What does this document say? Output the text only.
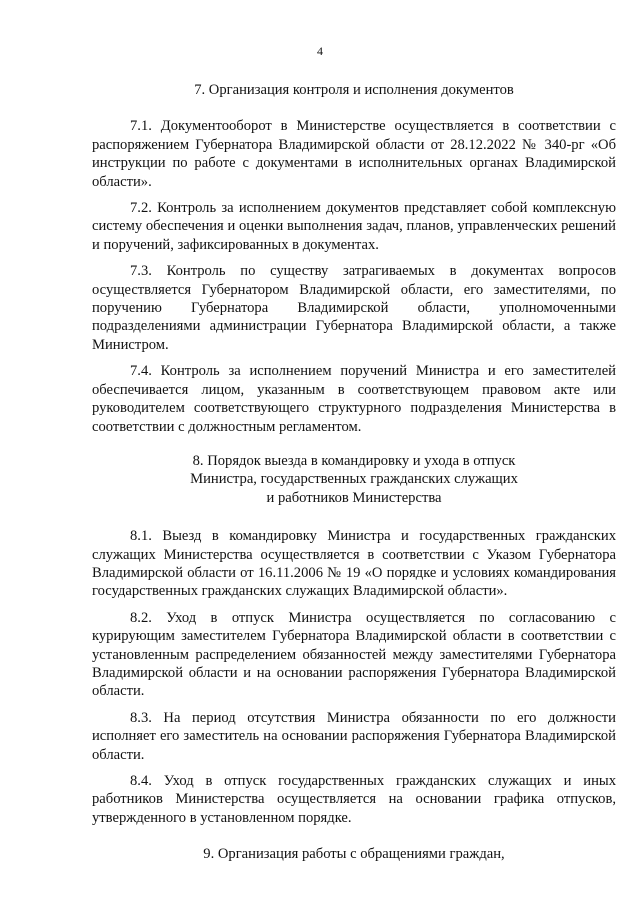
4

7. Организация контроля и исполнения документов

7.1. Документооборот в Министерстве осуществляется в соответствии с распоряжением Губернатора Владимирской области от 28.12.2022 № 340-рг «Об инструкции по работе с документами в исполнительных органах Владимирской области».

7.2. Контроль за исполнением документов представляет собой комплексную систему обеспечения и оценки выполнения задач, планов, управленческих решений и поручений, зафиксированных в документах.

7.3. Контроль по существу затрагиваемых в документах вопросов осуществляется Губернатором Владимирской области, его заместителями, по поручению Губернатора Владимирской области, уполномоченными подразделениями администрации Губернатора Владимирской области, а также Министром.

7.4. Контроль за исполнением поручений Министра и его заместителей обеспечивается лицом, указанным в соответствующем правовом акте или руководителем соответствующего структурного подразделения Министерства в соответствии с должностным регламентом.

8. Порядок выезда в командировку и ухода в отпуск
Министра, государственных гражданских служащих
и работников Министерства

8.1. Выезд в командировку Министра и государственных гражданских служащих Министерства осуществляется в соответствии с Указом Губернатора Владимирской области от 16.11.2006 № 19 «О порядке и условиях командирования государственных гражданских служащих Владимирской области».

8.2. Уход в отпуск Министра осуществляется по согласованию с курирующим заместителем Губернатора Владимирской области в соответствии с установленным распределением обязанностей между заместителями Губернатора Владимирской области и на основании распоряжения Губернатора Владимирской области.

8.3. На период отсутствия Министра обязанности по его должности исполняет его заместитель на основании распоряжения Губернатора Владимирской области.

8.4. Уход в отпуск государственных гражданских служащих и иных работников Министерства осуществляется на основании графика отпусков, утвержденного в установленном порядке.

9. Организация работы с обращениями граждан,
